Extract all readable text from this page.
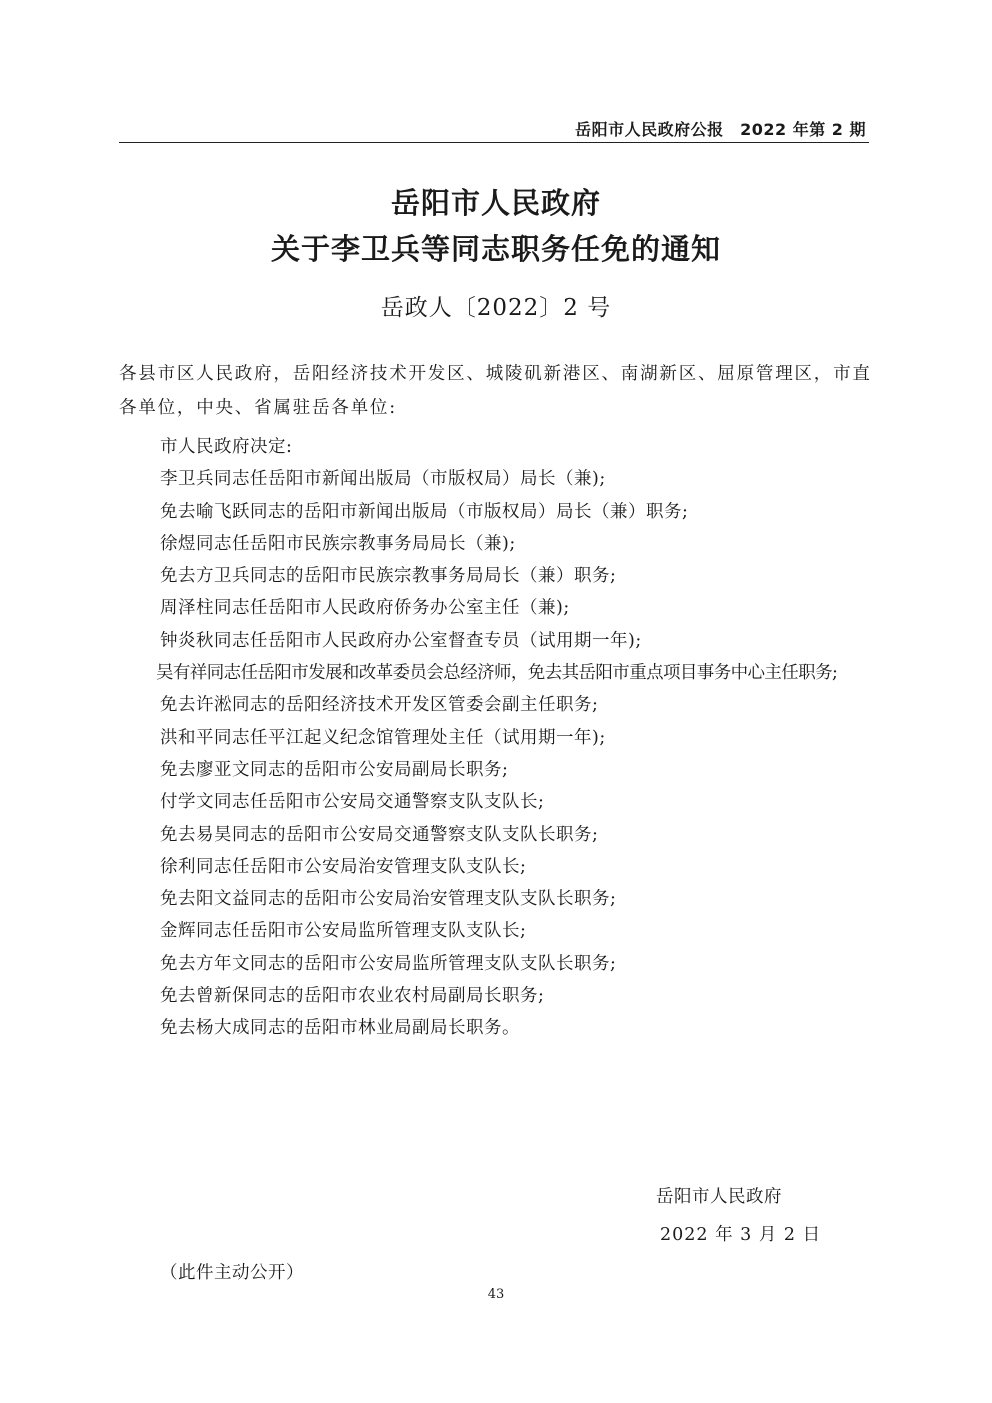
岳阳市人民政府公报　2022 年第 2 期
岳阳市人民政府
关于李卫兵等同志职务任免的通知
岳政人〔2022〕2 号
各县市区人民政府，岳阳经济技术开发区、城陵矶新港区、南湖新区、屈原管理区，市直各单位，中央、省属驻岳各单位:
市人民政府决定:
李卫兵同志任岳阳市新闻出版局（市版权局）局长（兼);
免去喻飞跃同志的岳阳市新闻出版局（市版权局）局长（兼）职务;
徐煜同志任岳阳市民族宗教事务局局长（兼);
免去方卫兵同志的岳阳市民族宗教事务局局长（兼）职务;
周泽柱同志任岳阳市人民政府侨务办公室主任（兼);
钟炎秋同志任岳阳市人民政府办公室督查专员（试用期一年);
吴有祥同志任岳阳市发展和改革委员会总经济师，免去其岳阳市重点项目事务中心主任职务;
免去许淞同志的岳阳经济技术开发区管委会副主任职务;
洪和平同志任平江起义纪念馆管理处主任（试用期一年);
免去廖亚文同志的岳阳市公安局副局长职务;
付学文同志任岳阳市公安局交通警察支队支队长;
免去易昊同志的岳阳市公安局交通警察支队支队长职务;
徐利同志任岳阳市公安局治安管理支队支队长;
免去阳文益同志的岳阳市公安局治安管理支队支队长职务;
金辉同志任岳阳市公安局监所管理支队支队长;
免去方年文同志的岳阳市公安局监所管理支队支队长职务;
免去曾新保同志的岳阳市农业农村局副局长职务;
免去杨大成同志的岳阳市林业局副局长职务。
岳阳市人民政府
2022 年 3 月 2 日
（此件主动公开）
43
